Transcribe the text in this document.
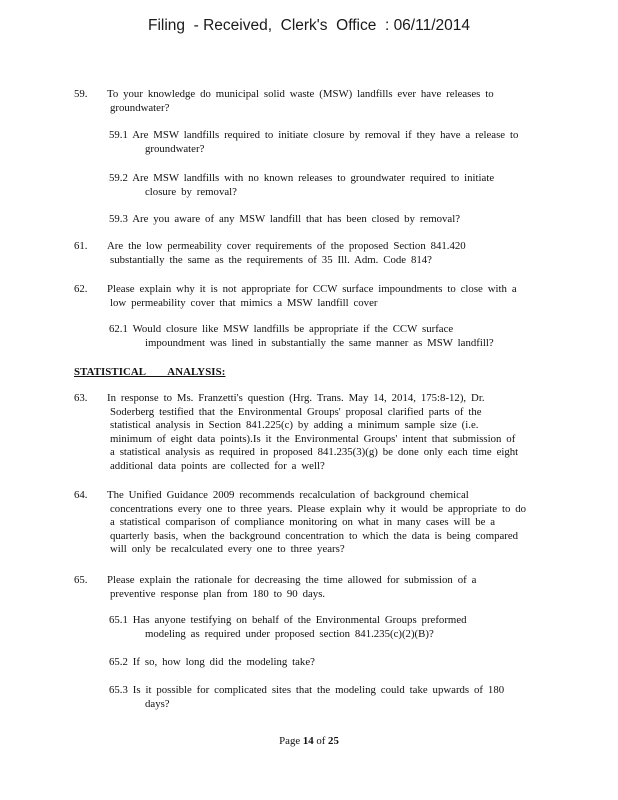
Filing  - Received,  Clerk's  Office  : 06/11/2014
59. To your knowledge do municipal solid waste (MSW) landfills ever have releases to
groundwater?
59.1 Are MSW landfills required to initiate closure by removal if they have a release to
groundwater?
59.2 Are MSW landfills with no known releases to groundwater required to initiate
closure by removal?
59.3 Are you aware of any MSW landfill that has been closed by removal?
61. Are the low permeability cover requirements of the proposed Section 841.420
substantially the same as the requirements of 35 Ill. Adm. Code 814?
62. Please explain why it is not appropriate for CCW surface impoundments to close with a
low permeability cover that mimics a MSW landfill cover
62.1 Would closure like MSW landfills be appropriate if the CCW surface
impoundment was lined in substantially the same manner as MSW landfill?
STATISTICAL        ANALYSIS:
63. In response to Ms. Franzetti's question (Hrg. Trans. May 14, 2014, 175:8-12), Dr.
Soderberg testified that the Environmental Groups' proposal clarified parts of the
statistical analysis in Section 841.225(c) by adding a minimum sample size (i.e.
minimum of eight data points).Is it the Environmental Groups' intent that submission of
a statistical analysis as required in proposed 841.235(3)(g) be done only each time eight
additional data points are collected for a well?
64. The Unified Guidance 2009 recommends recalculation of background chemical
concentrations every one to three years. Please explain why it would be appropriate to do
a statistical comparison of compliance monitoring on what in many cases will be a
quarterly basis, when the background concentration to which the data is being compared
will only be recalculated every one to three years?
65. Please explain the rationale for decreasing the time allowed for submission of a
preventive response plan from 180 to 90 days.
65.1 Has anyone testifying on behalf of the Environmental Groups preformed
modeling as required under proposed section 841.235(c)(2)(B)?
65.2 If so, how long did the modeling take?
65.3 Is it possible for complicated sites that the modeling could take upwards of 180
days?
Page 14 of 25
